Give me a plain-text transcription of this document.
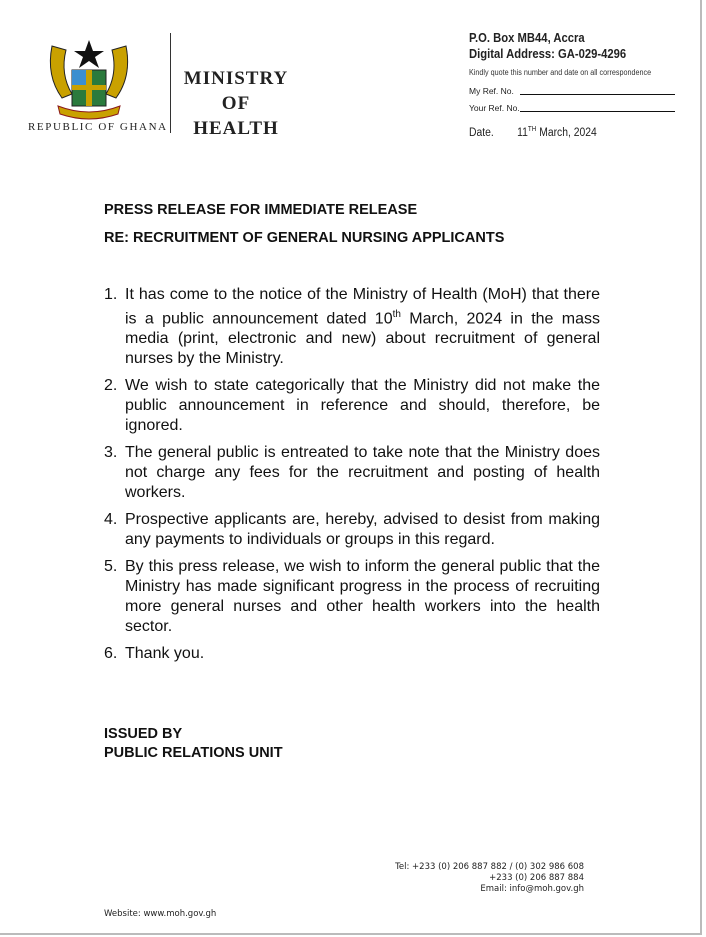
REPUBLIC OF GHANA
MINISTRY
OF
HEALTH
P.O. Box MB44, Accra
Digital Address: GA-029-4296
Kindly quote this number and date on all correspondence
My Ref. No.
Your Ref. No.
Date. 11TH March, 2024
PRESS RELEASE FOR IMMEDIATE RELEASE
RE: RECRUITMENT OF GENERAL NURSING APPLICANTS
1. It has come to the notice of the Ministry of Health (MoH) that there is a public announcement dated 10th March, 2024 in the mass media (print, electronic and new) about recruitment of general nurses by the Ministry.
2. We wish to state categorically that the Ministry did not make the public announcement in reference and should, therefore, be ignored.
3. The general public is entreated to take note that the Ministry does not charge any fees for the recruitment and posting of health workers.
4. Prospective applicants are, hereby, advised to desist from making any payments to individuals or groups in this regard.
5. By this press release, we wish to inform the general public that the Ministry has made significant progress in the process of recruiting more general nurses and other health workers into the health sector.
6. Thank you.
ISSUED BY
PUBLIC RELATIONS UNIT
Tel: +233 (0) 206 887 882 / (0) 302 986 608
+233 (0) 206 887 884
Email: info@moh.gov.gh
Website: www.moh.gov.gh
